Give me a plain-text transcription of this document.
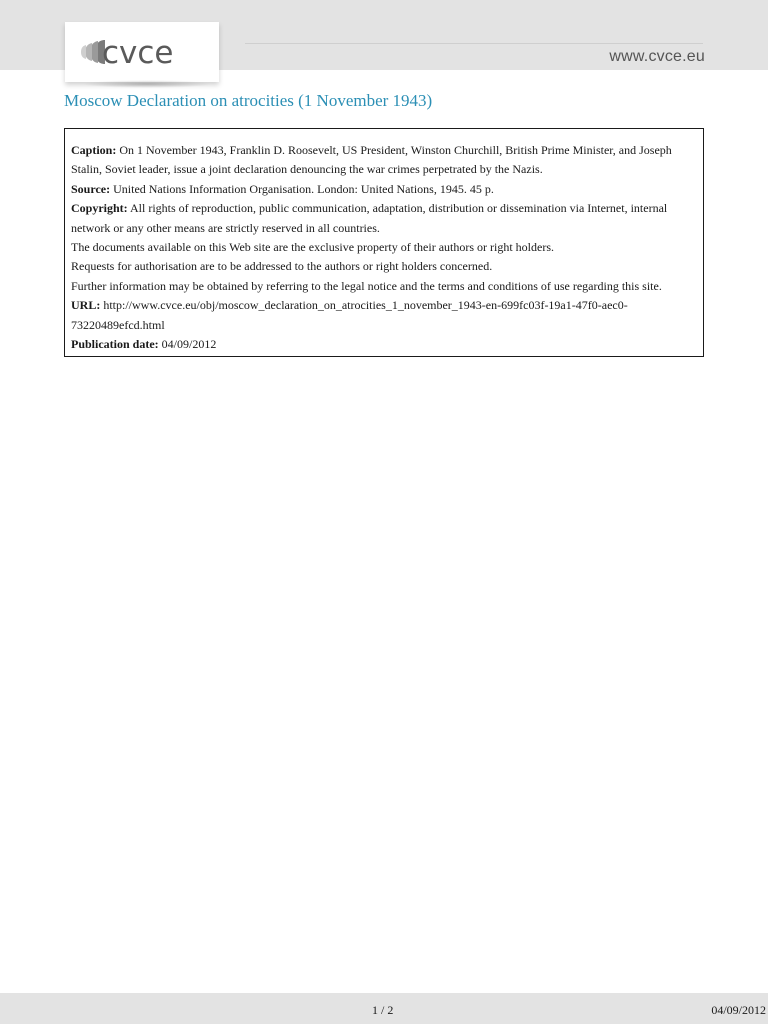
cvce	www.cvce.eu
Moscow Declaration on atrocities (1 November 1943)

Caption: On 1 November 1943, Franklin D. Roosevelt, US President, Winston Churchill, British Prime Minister, and Joseph Stalin, Soviet leader, issue a joint declaration denouncing the war crimes perpetrated by the Nazis.

Source: United Nations Information Organisation. London: United Nations, 1945. 45 p.

Copyright: All rights of reproduction, public communication, adaptation, distribution or dissemination via Internet, internal network or any other means are strictly reserved in all countries.

The documents available on this Web site are the exclusive property of their authors or right holders.

Requests for authorisation are to be addressed to the authors or right holders concerned.

Further information may be obtained by referring to the legal notice and the terms and conditions of use regarding this site.

URL: http://www.cvce.eu/obj/moscow_declaration_on_atrocities_1_november_1943-en-699fc03f-19a1-47f0-aec0-
73220489efcd.html

Publication date: 04/09/2012

1 / 2	04/09/2012
